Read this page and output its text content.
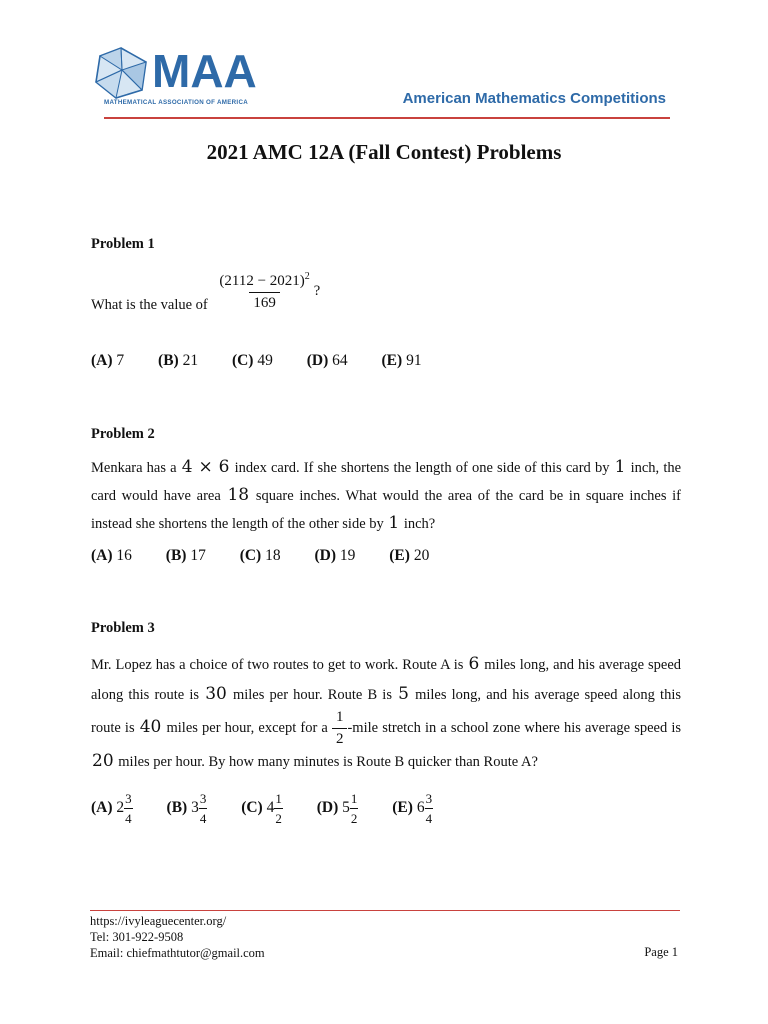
MAA
MATHEMATICAL ASSOCIATION OF AMERICA	American Mathematics Competitions
2021 AMC 12A (Fall Contest) Problems
Problem 1
What is the value of $\frac{(2112 - 2021)^2}{169}$ ?
(A) 7 (B) 21 (C) 49 (D) 64 (E) 91
Problem 2
Menkara has a 4 × 6 index card. If she shortens the length of one side of this card by 1 inch, the card would have area 18 square inches. What would the area of the card be in square inches if instead she shortens the length of the other side by 1 inch?
(A) 16 (B) 17 (C) 18 (D) 19 (E) 20
Problem 3
Mr. Lopez has a choice of two routes to get to work. Route A is 6 miles long, and his average speed along this route is 30 miles per hour. Route B is 5 miles long, and his average speed along this route is 40 miles per hour, except for a $\frac{1}{2}$ -mile stretch in a school zone where his average speed is 20 miles per hour. By how many minutes is Route B quicker than Route A?
(A) $2 \frac{3}{4} (B)$ $3 \frac{3}{4} (C)$ $4 \frac{1}{2} (D)$ $5 \frac{1}{2} (E)$ $6 \frac{3}{4}$
https://ivyleaguecenter.org/
Tel: 301-922-9508
Email: chiefmathtutor@gmail.com	Page 1
